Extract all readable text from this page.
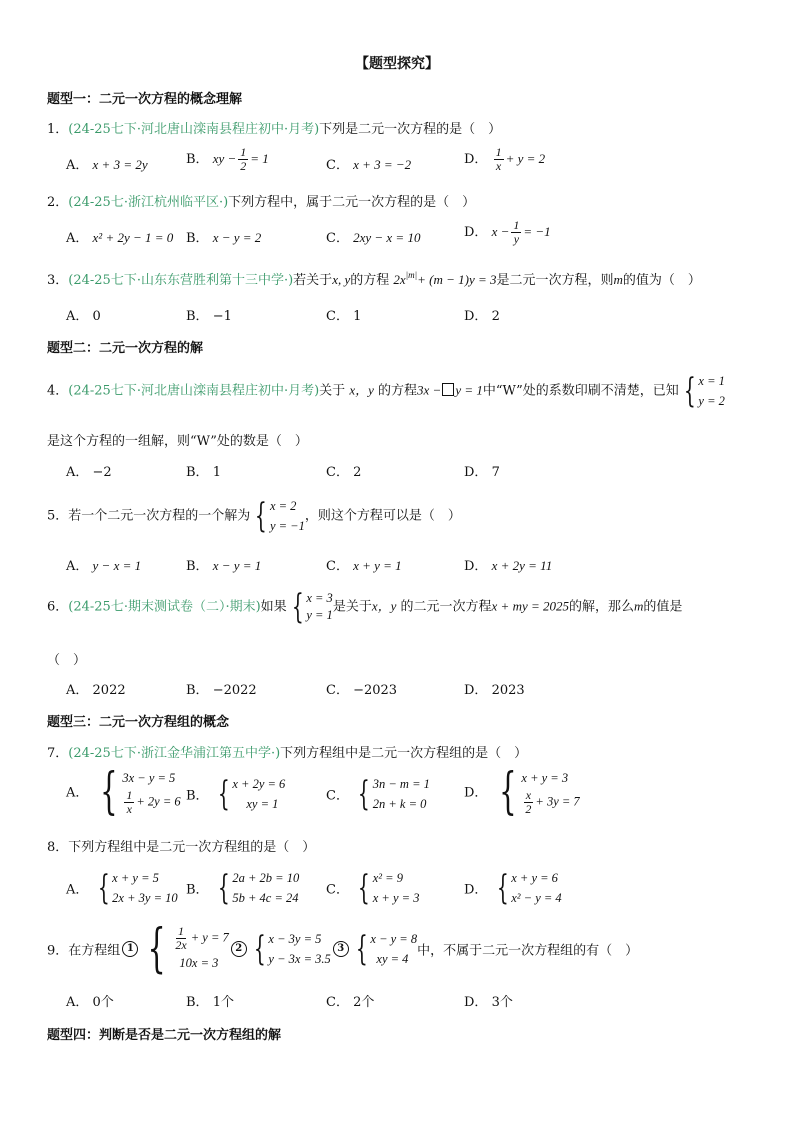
【题型探究】
题型一：二元一次方程的概念理解
1．(24-25七下·河北唐山滦南县程庄初中·月考)下列是二元一次方程的是（　）
A． x + 3 = 2y	B． xy − $\frac{1}{2} = 1$	C． x + 3 = −2	D． $\frac{1}{x} + y = 2$
2．(24-25七·浙江杭州临平区·)下列方程中，属于二元一次方程的是（　）
A． x² + 2y − 1 = 0 B． x − y = 2	C． 2xy − x = 10	D． $x - \frac{1}{y} = -1$
3．(24-25七下·山东东营胜利第十三中学·)若关于x, y的方程 $2x^{|m|}+ (m - 1)y = 3$是二元一次方程，则m的值为（　）
A． 0	B． −1	C． 1	D． 2
题型二：二元一次方程的解
4．(24-25七下·河北唐山滦南县程庄初中·月考)关于 x，y 的方程3x − y = 1中“W”处的系数印刷不清楚，已知 { x = 1
y = 2
是这个方程的一组解，则“W”处的数是（　）
A． −2	B． 1	C． 2	D． 7
5．若一个二元一次方程的一个解为 { x = 2
y = −1
，则这个方程可以是（　）
A． y − x = 1	B． x − y = 1	C． x + y = 1	D． x + 2y = 11
6．(24-25七·期末测试卷（二）·期末)如果 { x = 3
y = 1
是关于x，y 的二元一次方程x + my = 2025的解，那么m的值是
（　）
A． 2022	B． −2022	C． −2023	D． 2023
题型三：二元一次方程组的概念
7．(24-25七下·浙江金华浦江第五中学·)下列方程组中是二元一次方程组的是（　）
A． { 3x − y = 5
$\frac{1}{x} + 2y = 6$ B． { x + 2y = 6
xy = 1
C． { 3n − m = 1
2n + k = 0
D． { x + y = 3
$\frac{x}{2} + 3y = 7$
8．下列方程组中是二元一次方程组的是（　）
A． { x + y = 5
2x + 3y = 10
B． { 2a + 2b = 10
5b + 4c = 24
C． { x² = 9
x + y = 3
D． { x + y = 6
x² − y = 4
9．在方程组 1 { $\frac{1}{2x} + y = 7$
10x = 3
2 { x − 3y = 5
y − 3x = 3.5
3 { x − y = 8
xy = 4
中，不属于二元一次方程组的有（　）
A． 0个	B． 1个	C． 2个	D． 3个
题型四：判断是否是二元一次方程组的解
